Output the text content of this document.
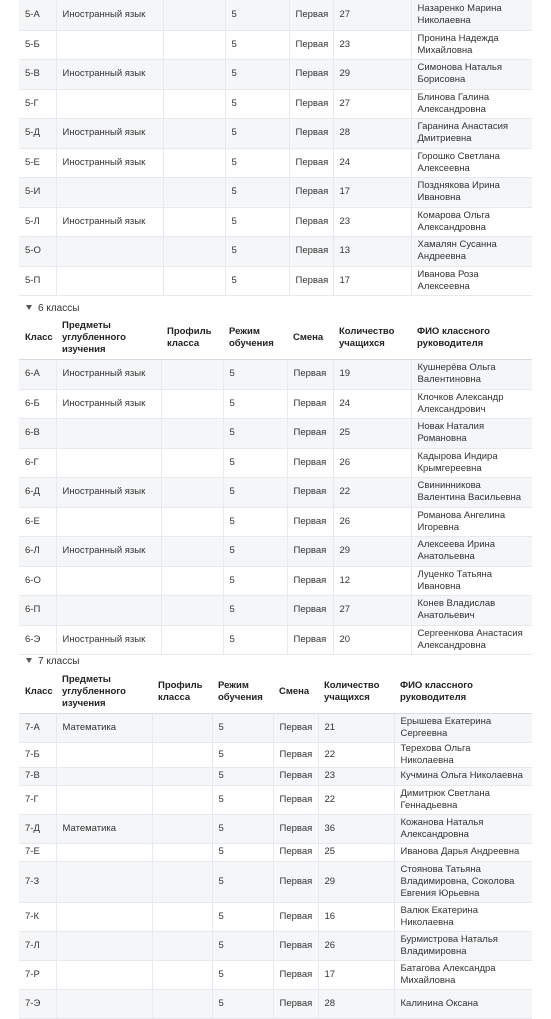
5-А	Иностранный язык		5	Первая	27	Назаренко Марина Николаевна
5-Б			5	Первая	23	Пронина Надежда Михайловна
5-В	Иностранный язык		5	Первая	29	Симонова Наталья Борисовна
5-Г			5	Первая	27	Блинова Галина Александровна
5-Д	Иностранный язык		5	Первая	28	Гаранина Анастасия Дмитриевна
5-Е	Иностранный язык		5	Первая	24	Горошко Светлана Алексеевна
5-И			5	Первая	17	Позднякова Ирина Ивановна
5-Л	Иностранный язык		5	Первая	23	Комарова Ольга Александровна
5-О			5	Первая	13	Хамалян Сусанна Андреевна
5-П			5	Первая	17	Иванова Роза Алексеевна
6 классы
Класс	Предметы углубленного изучения	Профиль класса	Режим обучения	Смена	Количество учащихся	ФИО классного руководителя
6-А	Иностранный язык		5	Первая	19	Кушнерёва Ольга Валентиновна
6-Б	Иностранный язык		5	Первая	24	Клочков Александр Александрович
6-В			5	Первая	25	Новак Наталия Романовна
6-Г			5	Первая	26	Кадырова Индира Крымгереевна
6-Д	Иностранный язык		5	Первая	22	Свининникова Валентина Васильевна
6-Е			5	Первая	26	Романова Ангелина Игоревна
6-Л	Иностранный язык		5	Первая	29	Алексеева Ирина Анатольевна
6-О			5	Первая	12	Луценко Татьяна Ивановна
6-П			5	Первая	27	Конев Владислав Анатольевич
6-Э	Иностранный язык		5	Первая	20	Сергеенкова Анастасия Александровна
7 классы
Класс	Предметы углубленного изучения	Профиль класса	Режим обучения	Смена	Количество учащихся	ФИО классного руководителя
7-А	Математика		5	Первая	21	Ерышева Екатерина Сергеевна
7-Б			5	Первая	22	Терехова Ольга Николаевна
7-В			5	Первая	23	Кучмина Ольга Николаевна
7-Г			5	Первая	22	Димитрюк Светлана Геннадьевна
7-Д	Математика		5	Первая	36	Кожанова Наталья Александровна
7-Е			5	Первая	25	Иванова Дарья Андреевна
7-З			5	Первая	29	Стоянова Татьяна Владимировна, Соколова Евгения Юрьевна
7-К			5	Первая	16	Валюк Екатерина Николаевна
7-Л			5	Первая	26	Бурмистрова Наталья Владимировна
7-Р			5	Первая	17	Батагова Александра Михайловна
7-Э			5	Первая	28	Калинина Оксана
